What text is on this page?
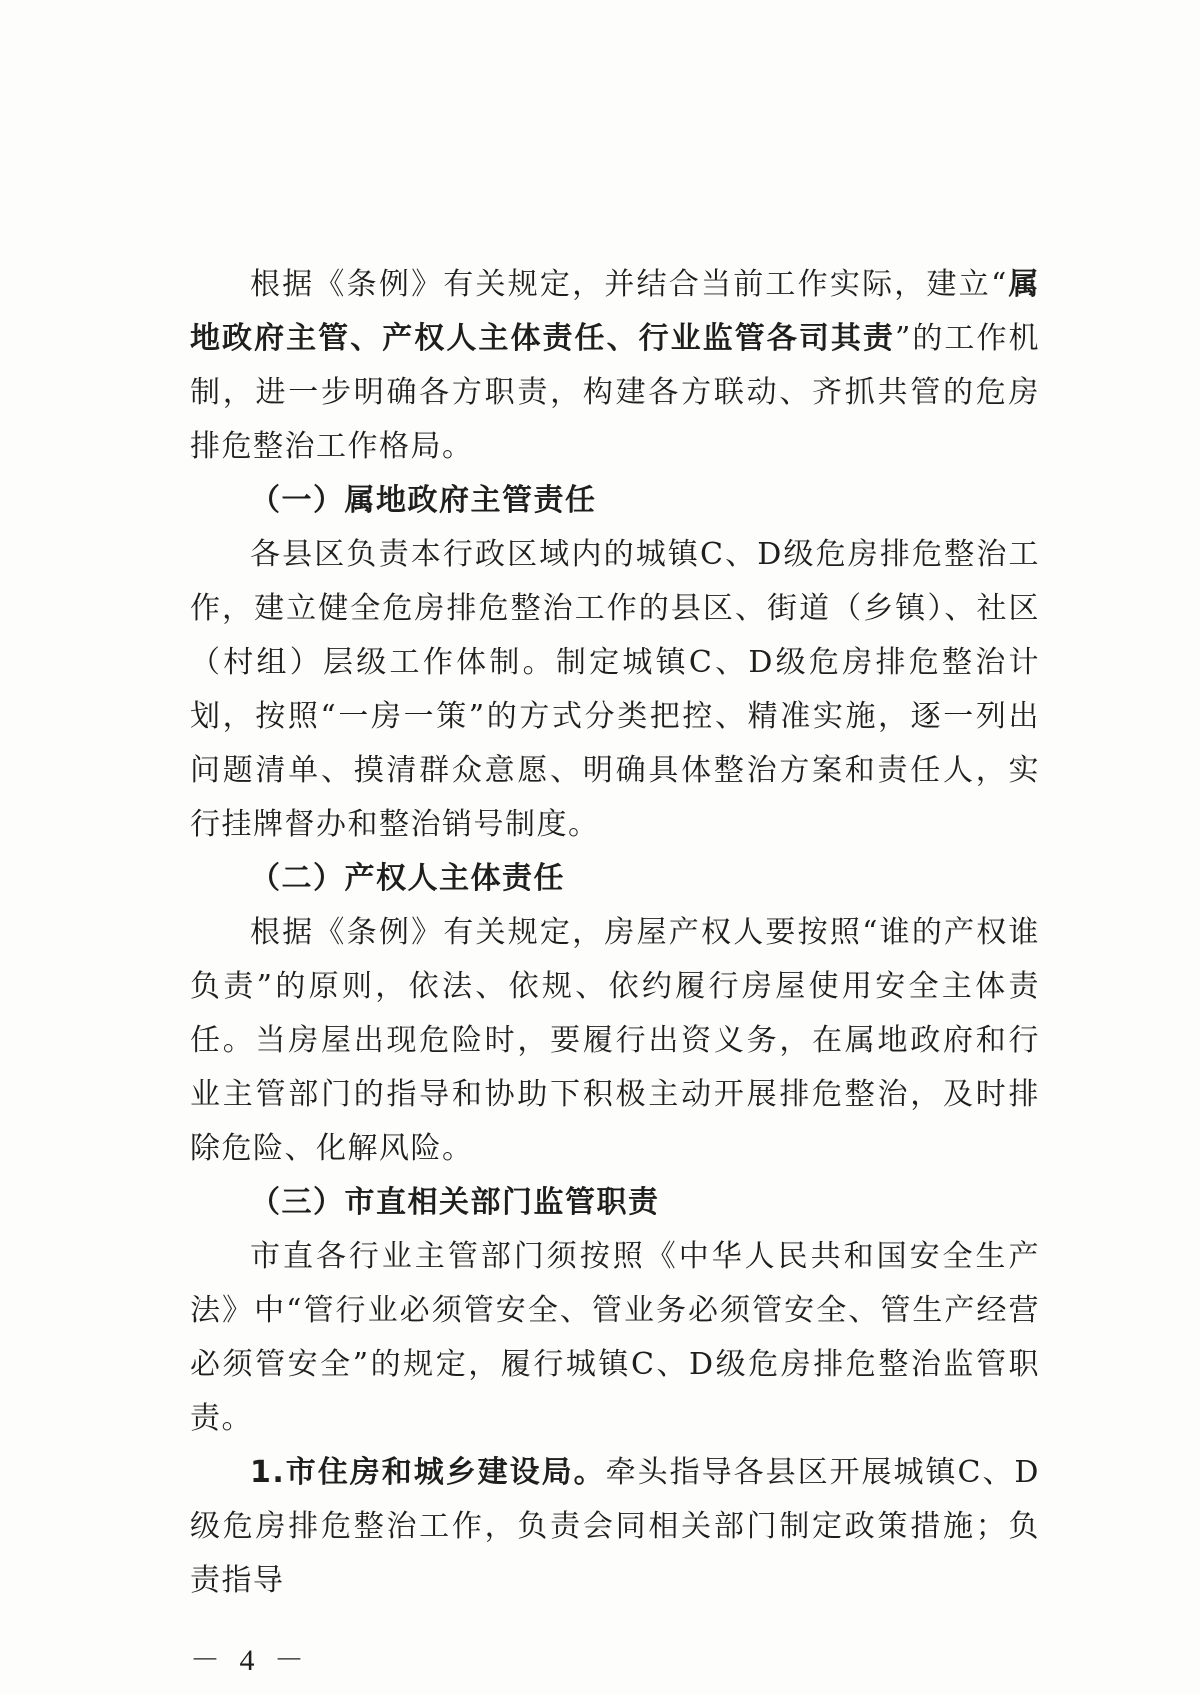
根据《条例》有关规定，并结合当前工作实际，建立“属地政府主管、产权人主体责任、行业监管各司其责”的工作机制，进一步明确各方职责，构建各方联动、齐抓共管的危房排危整治工作格局。

（一）属地政府主管责任

各县区负责本行政区域内的城镇C、D级危房排危整治工作，建立健全危房排危整治工作的县区、街道（乡镇）、社区（村组）层级工作体制。制定城镇C、D级危房排危整治计划，按照“一房一策”的方式分类把控、精准实施，逐一列出问题清单、摸清群众意愿、明确具体整治方案和责任人，实行挂牌督办和整治销号制度。

（二）产权人主体责任

根据《条例》有关规定，房屋产权人要按照“谁的产权谁负责”的原则，依法、依规、依约履行房屋使用安全主体责任。当房屋出现危险时，要履行出资义务，在属地政府和行业主管部门的指导和协助下积极主动开展排危整治，及时排除危险、化解风险。

（三）市直相关部门监管职责

市直各行业主管部门须按照《中华人民共和国安全生产法》中“管行业必须管安全、管业务必须管安全、管生产经营必须管安全”的规定，履行城镇C、D级危房排危整治监管职责。

1.市住房和城乡建设局。牵头指导各县区开展城镇C、D级危房排危整治工作，负责会同相关部门制定政策措施；负责指导

－ 4 －
